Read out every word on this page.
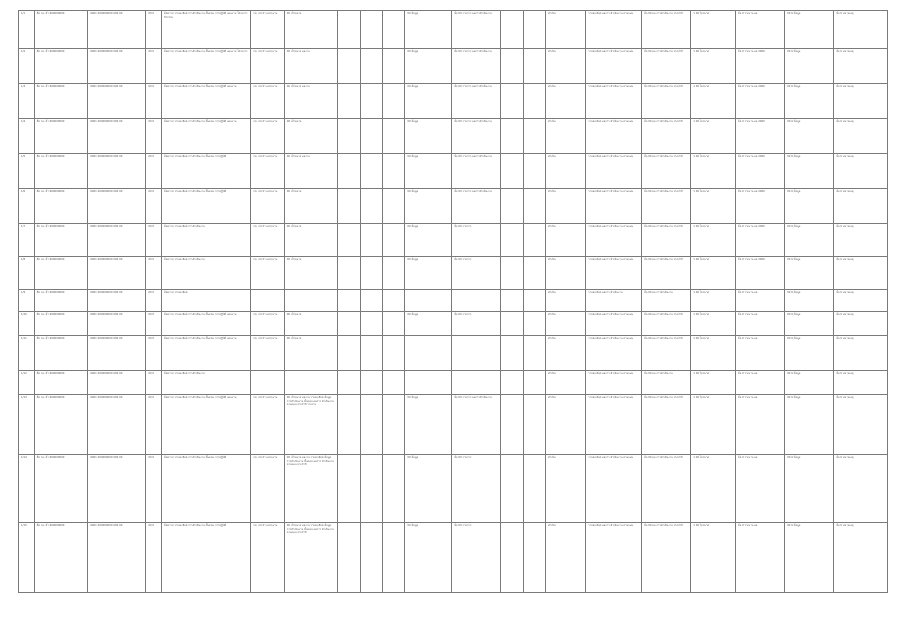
1/1	ชื่อ กอ. ข้า 600000000	0001 000000000 000 00	00 0	ข้อความ รายละเอียด การดำเนินงาน ขั้นตอน การปฏิบัติ แผนงาน โครงการ กิจกรรม	กอ. ประจำ หน่วยงาน	00 เป้าหมาย				00 ข้อมูล	ข้อ 00 รายการ ผลการดำเนินงาน			ดำเนิน	รายละเอียด ผลการ ดำเนินงาน ตามแผน	ข้อ 00 ผล การดำเนินงาน ประจำปี	1 00 ไตรมาส	ข้อ 0 รายงาน ผล	00 0 ข้อมูล	ข้อ 0 หมายเหตุ
1/2	ชื่อ กอ. ข้า 600000000	0001 000000000 000 00	00 0	ข้อความ รายละเอียด การดำเนินงาน ขั้นตอน การปฏิบัติ แผนงาน โครงการ	กอ. ประจำ หน่วยงาน	00 เป้าหมาย ผลงาน				00 ข้อมูล	ข้อ 00 รายการ ผลการดำเนินงาน			ดำเนิน	รายละเอียด ผลการ ดำเนินงาน ตามแผน	ข้อ 00 ผล การดำเนินงาน ประจำปี	1 00 ไตรมาส	ข้อ 0 รายงาน ผล 2000	00 0 ข้อมูล	ข้อ 0 หมายเหตุ
1/3	ชื่อ กอ. ข้า 600000000	0001 000000000 000 00	00 0	ข้อความ รายละเอียด การดำเนินงาน ขั้นตอน การปฏิบัติ แผนงาน	กอ. ประจำ หน่วยงาน	00 เป้าหมาย ผลงาน				00 ข้อมูล	ข้อ 00 รายการ ผลการดำเนินงาน			ดำเนิน	รายละเอียด ผลการ ดำเนินงาน ตามแผน	ข้อ 00 ผล การดำเนินงาน ประจำปี	1 00 ไตรมาส	ข้อ 0 รายงาน ผล 2000	00 0 ข้อมูล	ข้อ 0 หมายเหตุ
1/4	ชื่อ กอ. ข้า 600000000	0001 000000000 000 00	00 0	ข้อความ รายละเอียด การดำเนินงาน ขั้นตอน การปฏิบัติ แผนงาน	กอ. ประจำ หน่วยงาน	00 เป้าหมาย				00 ข้อมูล	ข้อ 00 รายการ ผลการดำเนินงาน			ดำเนิน	รายละเอียด ผลการ ดำเนินงาน ตามแผน	ข้อ 00 ผล การดำเนินงาน ประจำปี	1 00 ไตรมาส	ข้อ 0 รายงาน ผล 2000	00 0 ข้อมูล	ข้อ 0 หมายเหตุ
1/5	ชื่อ กอ. ข้า 600000000	0001 000000000 000 00	00 0	ข้อความ รายละเอียด การดำเนินงาน ขั้นตอน การปฏิบัติ	กอ. ประจำ หน่วยงาน	00 เป้าหมาย ผลงาน				00 ข้อมูล	ข้อ 00 รายการ ผลการดำเนินงาน			ดำเนิน	รายละเอียด ผลการ ดำเนินงาน ตามแผน	ข้อ 00 ผล การดำเนินงาน ประจำปี	1 00 ไตรมาส	ข้อ 0 รายงาน ผล 2000	00 0 ข้อมูล	ข้อ 0 หมายเหตุ
1/6	ชื่อ กอ. ข้า 600000000	0001 000000000 000 00	00 0	ข้อความ รายละเอียด การดำเนินงาน ขั้นตอน การปฏิบัติ	กอ. ประจำ หน่วยงาน	00 เป้าหมาย				00 ข้อมูล	ข้อ 00 รายการ ผลการดำเนินงาน			ดำเนิน	รายละเอียด ผลการ ดำเนินงาน ตามแผน	ข้อ 00 ผล การดำเนินงาน ประจำปี	1 00 ไตรมาส	ข้อ 0 รายงาน ผล 2000	00 0 ข้อมูล	ข้อ 0 หมายเหตุ
1/7	ชื่อ กอ. ข้า 600000000	0001 000000000 000 00	00 0	ข้อความ รายละเอียด การดำเนินงาน	กอ. ประจำ หน่วยงาน	00 เป้าหมาย				00 ข้อมูล	ข้อ 00 รายการ			ดำเนิน	รายละเอียด ผลการ ดำเนินงาน ตามแผน	ข้อ 00 ผล การดำเนินงาน ประจำปี	1 00 ไตรมาส	ข้อ 0 รายงาน ผล 2000	00 0 ข้อมูล	ข้อ 0 หมายเหตุ
1/8	ชื่อ กอ. ข้า 600000000	0001 000000000 000 00	00 0	ข้อความ รายละเอียด การดำเนินงาน	กอ. ประจำ หน่วยงาน	00 เป้าหมาย				00 ข้อมูล	ข้อ 00 รายการ			ดำเนิน	รายละเอียด ผลการ ดำเนินงาน ตามแผน	ข้อ 00 ผล การดำเนินงาน ประจำปี	1 00 ไตรมาส	ข้อ 0 รายงาน ผล 2000	00 0 ข้อมูล	ข้อ 0 หมายเหตุ
1/9	ชื่อ กอ. ข้า 600000000	0001 000000000 000 00	00 0	ข้อความ รายละเอียด										ดำเนิน	รายละเอียด ผลการ ดำเนินงาน	ข้อ 00 ผล การดำเนินงาน	1 00 ไตรมาส	ข้อ 0 รายงาน ผล	00 0 ข้อมูล	ข้อ 0 หมายเหตุ
1/10	ชื่อ กอ. ข้า 600000000	0001 000000000 000 00	00 0	ข้อความ รายละเอียด การดำเนินงาน ขั้นตอน การปฏิบัติ แผนงาน	กอ. ประจำ หน่วยงาน	00 เป้าหมาย				00 ข้อมูล	ข้อ 00 รายการ			ดำเนิน	รายละเอียด ผลการ ดำเนินงาน ตามแผน	ข้อ 00 ผล การดำเนินงาน ประจำปี	1 00 ไตรมาส	ข้อ 0 รายงาน ผล	00 0 ข้อมูล	ข้อ 0 หมายเหตุ
1/11	ชื่อ กอ. ข้า 600000000	0001 000000000 000 00	00 0	ข้อความ รายละเอียด การดำเนินงาน ขั้นตอน การปฏิบัติ แผนงาน	กอ. ประจำ หน่วยงาน	00 เป้าหมาย								ดำเนิน	รายละเอียด ผลการ ดำเนินงาน ตามแผน	ข้อ 00 ผล การดำเนินงาน ประจำปี	1 00 ไตรมาส	ข้อ 0 รายงาน ผล	00 0 ข้อมูล	ข้อ 0 หมายเหตุ
1/12	ชื่อ กอ. ข้า 600000000	0001 000000000 000 00	00 0	ข้อความ รายละเอียด การดำเนินงาน										ดำเนิน	รายละเอียด ผลการ ดำเนินงาน ตามแผน	ข้อ 00 ผล การดำเนินงาน	1 00 ไตรมาส	ข้อ 0 รายงาน ผล	00 0 ข้อมูล	ข้อ 0 หมายเหตุ
1/13	ชื่อ กอ. ข้า 600000000	0001 000000000 000 00	00 0	ข้อความ รายละเอียด การดำเนินงาน ขั้นตอน การปฏิบัติ แผนงาน	กอ. ประจำ หน่วยงาน	00 เป้าหมาย ผลงาน รายละเอียด ข้อมูล การดำเนินงาน ขั้นตอน ผลการ ดำเนินงาน ตามแผน ประจำปี รายงาน				00 ข้อมูล	ข้อ 00 รายการ ผลการดำเนินงาน			ดำเนิน	รายละเอียด ผลการ ดำเนินงาน ตามแผน	ข้อ 00 ผล การดำเนินงาน ประจำปี	1 00 ไตรมาส	ข้อ 0 รายงาน ผล	00 0 ข้อมูล	ข้อ 0 หมายเหตุ
1/14	ชื่อ กอ. ข้า 600000000	0001 000000000 000 00	00 0	ข้อความ รายละเอียด การดำเนินงาน ขั้นตอน การปฏิบัติ	กอ. ประจำ หน่วยงาน	00 เป้าหมาย ผลงาน รายละเอียด ข้อมูล การดำเนินงาน ขั้นตอน ผลการ ดำเนินงาน ตามแผน ประจำปี				00 ข้อมูล	ข้อ 00 รายการ			ดำเนิน	รายละเอียด ผลการ ดำเนินงาน ตามแผน	ข้อ 00 ผล การดำเนินงาน ประจำปี	1 00 ไตรมาส	ข้อ 0 รายงาน ผล	00 0 ข้อมูล	ข้อ 0 หมายเหตุ
1/15	ชื่อ กอ. ข้า 600000000	0001 000000000 000 00	00 0	ข้อความ รายละเอียด การดำเนินงาน ขั้นตอน การปฏิบัติ	กอ. ประจำ หน่วยงาน	00 เป้าหมาย ผลงาน รายละเอียด ข้อมูล การดำเนินงาน ขั้นตอน ผลการ ดำเนินงาน ตามแผน ประจำปี				00 ข้อมูล	ข้อ 00 รายการ			ดำเนิน	รายละเอียด ผลการ ดำเนินงาน ตามแผน	ข้อ 00 ผล การดำเนินงาน ประจำปี	1 00 ไตรมาส	ข้อ 0 รายงาน ผล	00 0 ข้อมูล	ข้อ 0 หมายเหตุ
